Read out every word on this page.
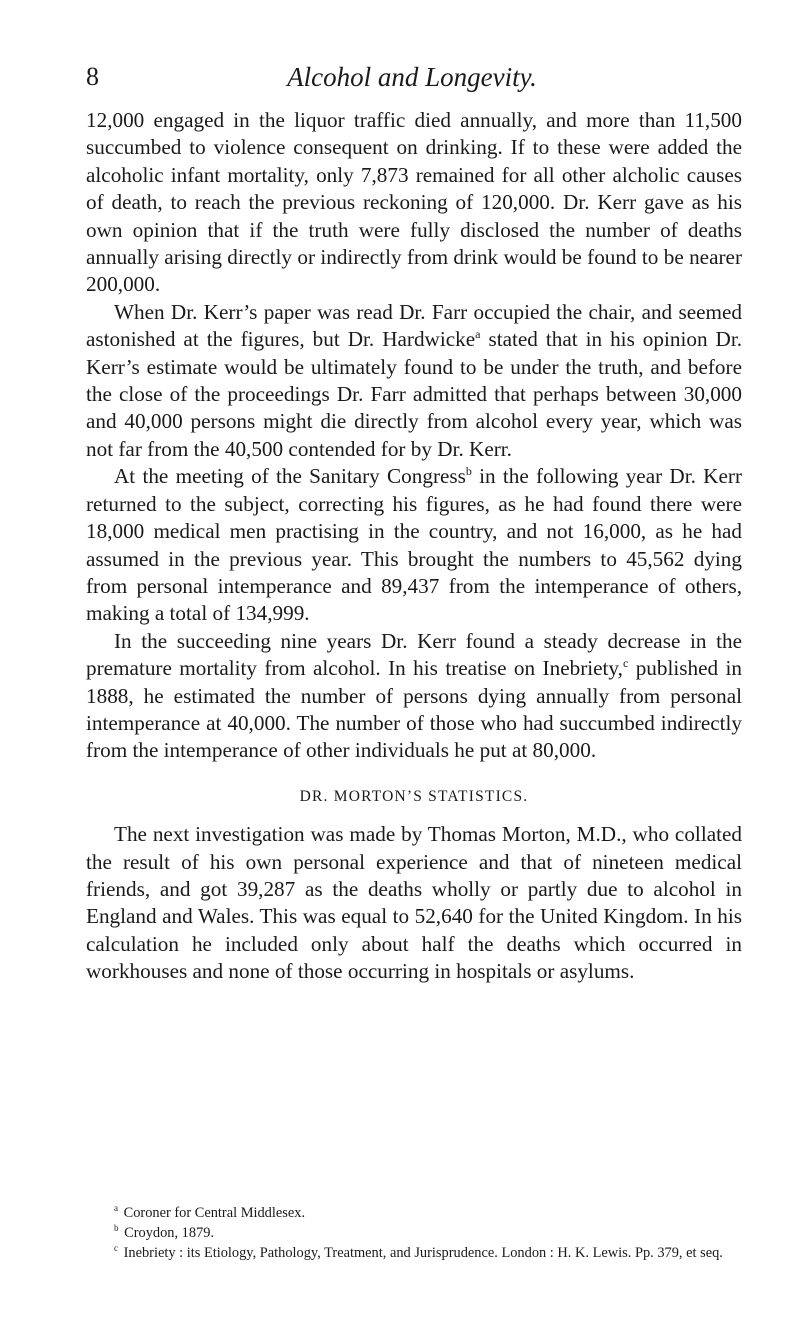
8	Alcohol and Longevity.

12,000 engaged in the liquor traffic died annually, and more than 11,500 succumbed to violence consequent on drinking. If to these were added the alcoholic infant mortality, only 7,873 remained for all other alcholic causes of death, to reach the previous reckoning of 120,000. Dr. Kerr gave as his own opinion that if the truth were fully disclosed the number of deaths annually arising directly or indirectly from drink would be found to be nearer 200,000.

When Dr. Kerr’s paper was read Dr. Farr occupied the chair, and seemed astonished at the figures, but Dr. Hardwicke$^a$ stated that in his opinion Dr. Kerr’s estimate would be ultimately found to be under the truth, and before the close of the proceedings Dr. Farr admitted that perhaps between 30,000 and 40,000 persons might die directly from alcohol every year, which was not far from the 40,500 contended for by Dr. Kerr.

At the meeting of the Sanitary Congress$^b$ in the following year Dr. Kerr returned to the subject, correcting his figures, as he had found there were 18,000 medical men practising in the country, and not 16,000, as he had assumed in the previous year. This brought the numbers to 45,562 dying from personal intemperance and 89,437 from the intemperance of others, making a total of 134,999.

In the succeeding nine years Dr. Kerr found a steady decrease in the premature mortality from alcohol. In his treatise on Inebriety,$^c$ published in 1888, he estimated the number of persons dying annually from personal intemperance at 40,000. The number of those who had succumbed indirectly from the intemperance of other individuals he put at 80,000.

DR. MORTON’S STATISTICS.

The next investigation was made by Thomas Morton, M.D., who collated the result of his own personal experience and that of nineteen medical friends, and got 39,287 as the deaths wholly or partly due to alcohol in England and Wales. This was equal to 52,640 for the United Kingdom. In his calculation he included only about half the deaths which occurred in workhouses and none of those occurring in hospitals or asylums.

$^a$ Coroner for Central Middlesex.

$^b$ Croydon, 1879.

$^c$ Inebriety : its Etiology, Pathology, Treatment, and Jurisprudence. London : H. K. Lewis. Pp. 379, et seq.
